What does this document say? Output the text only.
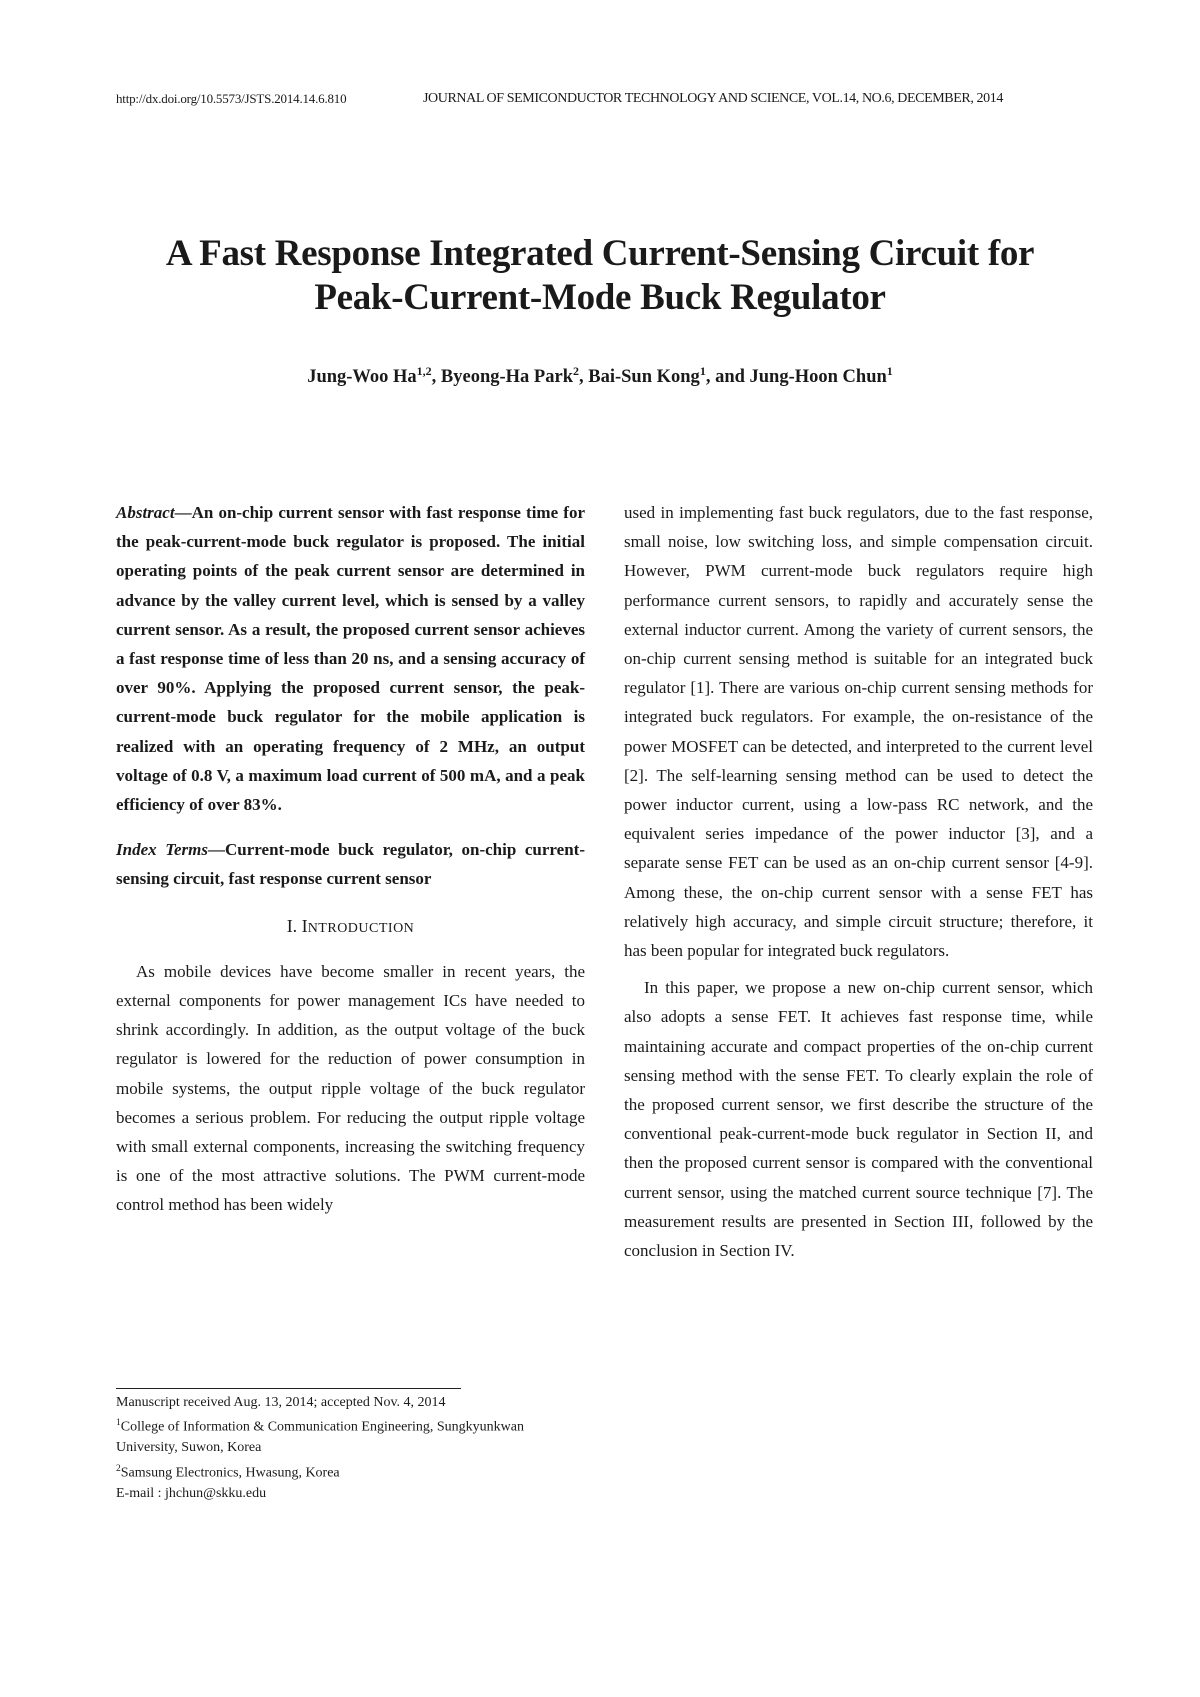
http://dx.doi.org/10.5573/JSTS.2014.14.6.810	JOURNAL OF SEMICONDUCTOR TECHNOLOGY AND SCIENCE, VOL.14, NO.6, DECEMBER, 2014
A Fast Response Integrated Current-Sensing Circuit for
Peak-Current-Mode Buck Regulator
Jung-Woo Ha$^{1,2}$, Byeong-Ha Park$^2$, Bai-Sun Kong$^1$, and Jung-Hoon Chun$^1$

Abstract—An on-chip current sensor with fast response time for the peak-current-mode buck regulator is proposed. The initial operating points of the peak current sensor are determined in advance by the valley current level, which is sensed by a valley current sensor. As a result, the proposed current sensor achieves a fast response time of less than 20 ns, and a sensing accuracy of over 90%. Applying the proposed current sensor, the peak-current-mode buck regulator for the mobile application is realized with an operating frequency of 2 MHz, an output voltage of 0.8 V, a maximum load current of 500 mA, and a peak efficiency of over 83%.

Index Terms—Current-mode buck regulator, on-chip current-sensing circuit, fast response current sensor

I. INTRODUCTION

As mobile devices have become smaller in recent years, the external components for power management ICs have needed to shrink accordingly. In addition, as the output voltage of the buck regulator is lowered for the reduction of power consumption in mobile systems, the output ripple voltage of the buck regulator becomes a serious problem. For reducing the output ripple voltage with small external components, increasing the switching frequency is one of the most attractive solutions. The PWM current-mode control method has been widely

used in implementing fast buck regulators, due to the fast response, small noise, low switching loss, and simple compensation circuit. However, PWM current-mode buck regulators require high performance current sensors, to rapidly and accurately sense the external inductor current. Among the variety of current sensors, the on-chip current sensing method is suitable for an integrated buck regulator [1]. There are various on-chip current sensing methods for integrated buck regulators. For example, the on-resistance of the power MOSFET can be detected, and interpreted to the current level [2]. The self-learning sensing method can be used to detect the power inductor current, using a low-pass RC network, and the equivalent series impedance of the power inductor [3], and a separate sense FET can be used as an on-chip current sensor [4-9]. Among these, the on-chip current sensor with a sense FET has relatively high accuracy, and simple circuit structure; therefore, it has been popular for integrated buck regulators.

In this paper, we propose a new on-chip current sensor, which also adopts a sense FET. It achieves fast response time, while maintaining accurate and compact properties of the on-chip current sensing method with the sense FET. To clearly explain the role of the proposed current sensor, we first describe the structure of the conventional peak-current-mode buck regulator in Section II, and then the proposed current sensor is compared with the conventional current sensor, using the matched current source technique [7]. The measurement results are presented in Section III, followed by the conclusion in Section IV.

Manuscript received Aug. 13, 2014; accepted Nov. 4, 2014

$^1$College of Information & Communication Engineering, Sungkyunkwan University, Suwon, Korea

$^2$Samsung Electronics, Hwasung, Korea

E-mail : jhchun@skku.edu
